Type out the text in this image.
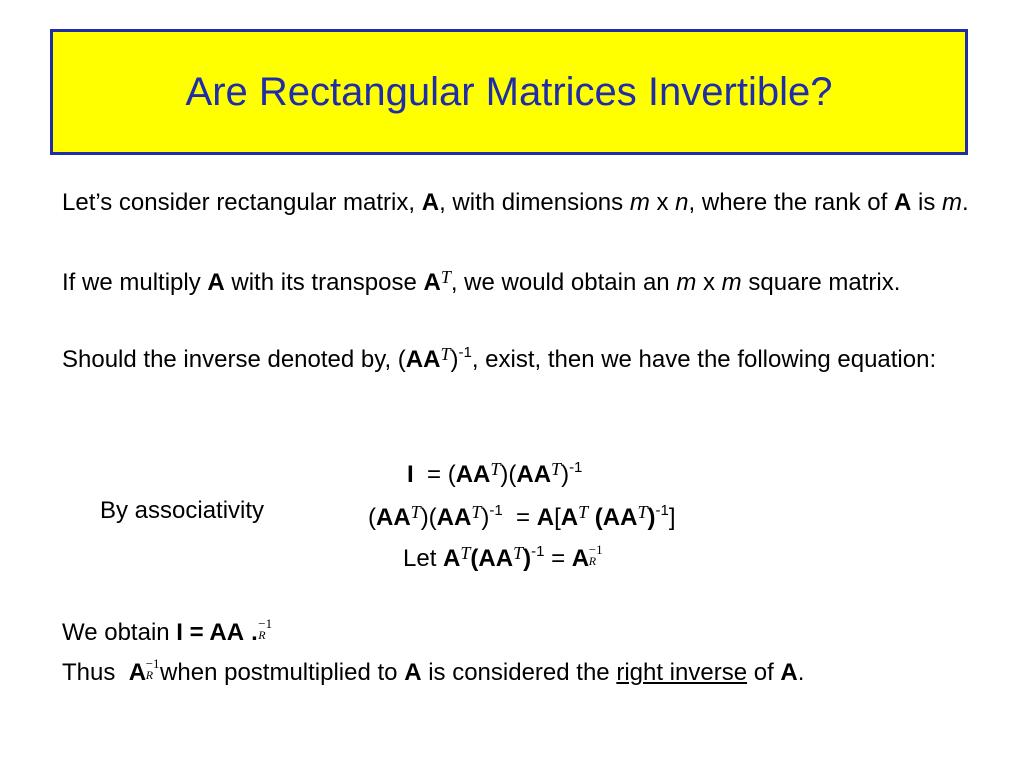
Are Rectangular Matrices Invertible?
Let’s consider rectangular matrix, A, with dimensions m x n, where the rank of A is m.
If we multiply A with its transpose $A^T$, we would obtain an m x m square matrix.
Should the inverse denoted by, $(AA^T)^{-1}$, exist, then we have the following equation:
$I = (AA^T)(AA^T)^{-1}$
By associativity	$(AA^T)(AA^T)^{-1} = A[A^T$ $(AA^T)^{-1}$]
Let $A^T(AA^T)^{-1} = A -1$
R
We obtain I = AA −1
R
.
Thus A −1
R when postmultiplied to A is considered the right inverse of A.
